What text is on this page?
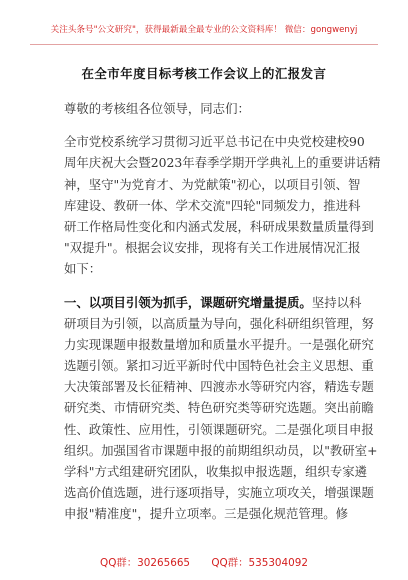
关注头条号"公文研究"，获得最新最全最专业的公文资料库！ 微信：gongwenyj
在全市年度目标考核工作会议上的汇报发言
尊敬的考核组各位领导，同志们：
全市党校系统学习贯彻习近平总书记在中央党校建校90
周年庆祝大会暨2023年春季学期开学典礼上的重要讲话精
神，坚守"为党育才、为党献策"初心，以项目引领、智
库建设、教研一体、学术交流"四轮"同频发力，推进科
研工作格局性变化和内涵式发展，科研成果数量质量得到
"双提升"。根据会议安排，现将有关工作进展情况汇报
如下：
一、以项目引领为抓手，课题研究增量提质。坚持以科
研项目为引领，以高质量为导向，强化科研组织管理，努
力实现课题申报数量增加和质量水平提升。一是强化研究
选题引领。紧扣习近平新时代中国特色社会主义思想、重
大决策部署及长征精神、四渡赤水等研究内容，精选专题
研究类、市情研究类、特色研究类等研究选题。突出前瞻
性、政策性、应用性，引领课题研究。二是强化项目申报
组织。加强国省市课题申报的前期组织动员，以"教研室+
学科"方式组建研究团队，收集拟申报选题，组织专家遴
选高价值选题，进行逐项指导，实施立项攻关，增强课题
申报"精准度"，提升立项率。三是强化规范管理。修
QQ群：30265665 QQ群：535304092
